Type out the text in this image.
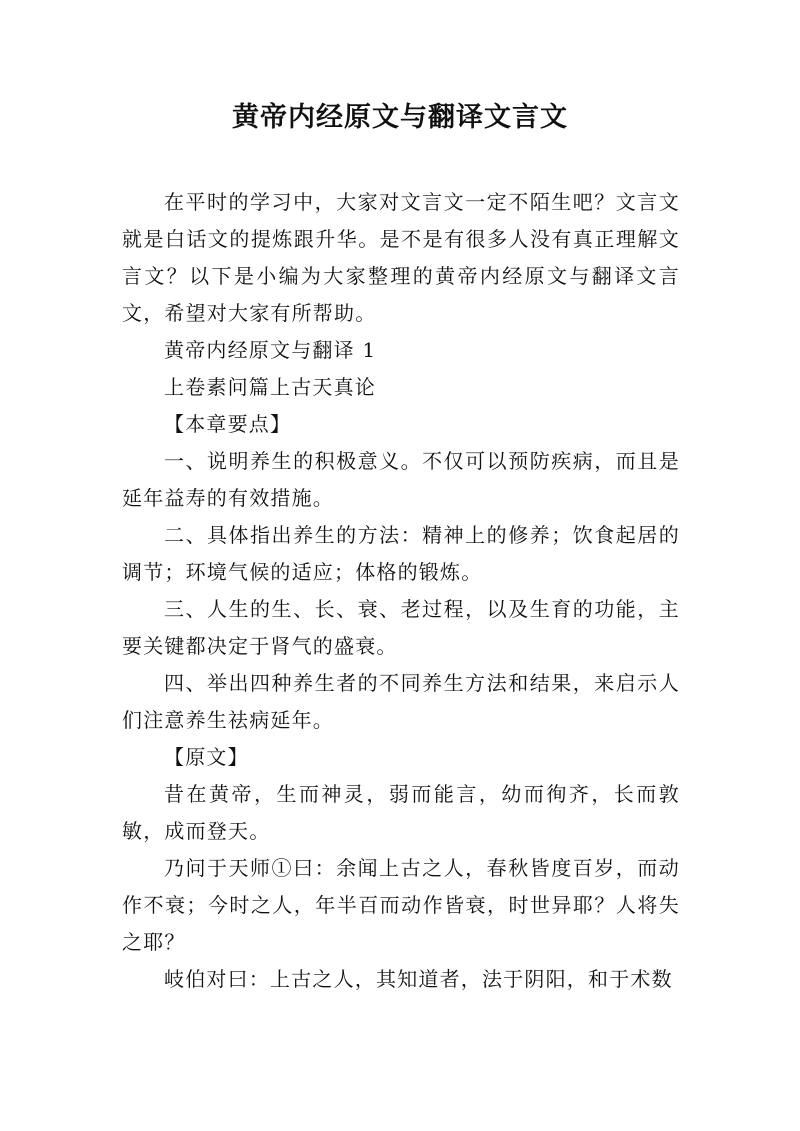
黄帝内经原文与翻译文言文

在平时的学习中，大家对文言文一定不陌生吧？文言文就是白话文的提炼跟升华。是不是有很多人没有真正理解文言文？以下是小编为大家整理的黄帝内经原文与翻译文言文，希望对大家有所帮助。

黄帝内经原文与翻译 1

上卷素问篇上古天真论

【本章要点】

一、说明养生的积极意义。不仅可以预防疾病，而且是延年益寿的有效措施。

二、具体指出养生的方法：精神上的修养；饮食起居的调节；环境气候的适应；体格的锻炼。

三、人生的生、长、衰、老过程，以及生育的功能，主要关键都决定于肾气的盛衰。

四、举出四种养生者的不同养生方法和结果，来启示人们注意养生祛病延年。

【原文】

昔在黄帝，生而神灵，弱而能言，幼而徇齐，长而敦敏，成而登天。

乃问于天师①曰：余闻上古之人，春秋皆度百岁，而动作不衰；今时之人，年半百而动作皆衰，时世异耶？人将失之耶？

岐伯对曰：上古之人，其知道者，法于阴阳，和于术数
